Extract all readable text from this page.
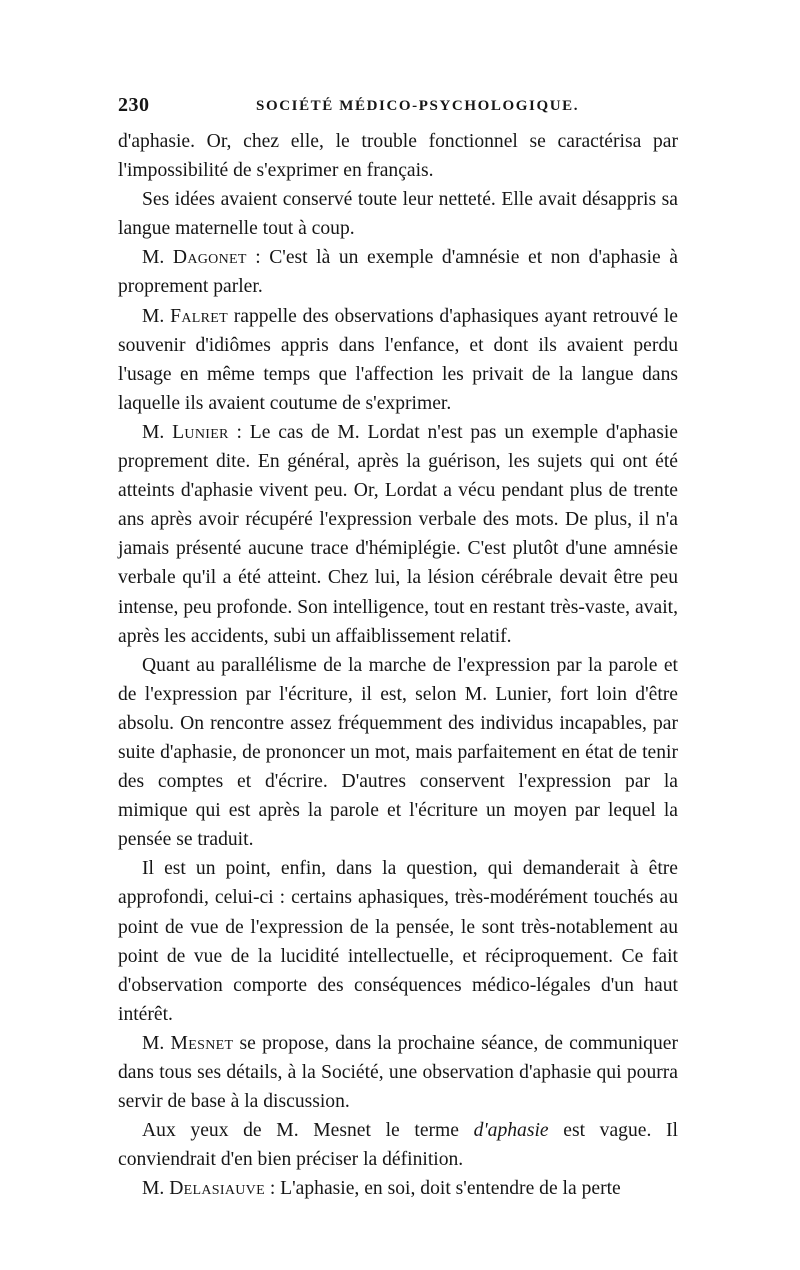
230	SOCIÉTÉ MÉDICO-PSYCHOLOGIQUE.

d'aphasie. Or, chez elle, le trouble fonctionnel se caractérisa par l'impossibilité de s'exprimer en français.

Ses idées avaient conservé toute leur netteté. Elle avait désappris sa langue maternelle tout à coup.

M. Dagonet : C'est là un exemple d'amnésie et non d'aphasie à proprement parler.

M. Falret rappelle des observations d'aphasiques ayant retrouvé le souvenir d'idiômes appris dans l'enfance, et dont ils avaient perdu l'usage en même temps que l'affection les privait de la langue dans laquelle ils avaient coutume de s'exprimer.

M. Lunier : Le cas de M. Lordat n'est pas un exemple d'aphasie proprement dite. En général, après la guérison, les sujets qui ont été atteints d'aphasie vivent peu. Or, Lordat a vécu pendant plus de trente ans après avoir récupéré l'expression verbale des mots. De plus, il n'a jamais présenté aucune trace d'hémiplégie. C'est plutôt d'une amnésie verbale qu'il a été atteint. Chez lui, la lésion cérébrale devait être peu intense, peu profonde. Son intelligence, tout en restant très-vaste, avait, après les accidents, subi un affaiblissement relatif.

Quant au parallélisme de la marche de l'expression par la parole et de l'expression par l'écriture, il est, selon M. Lunier, fort loin d'être absolu. On rencontre assez fréquemment des individus incapables, par suite d'aphasie, de prononcer un mot, mais parfaitement en état de tenir des comptes et d'écrire. D'autres conservent l'expression par la mimique qui est après la parole et l'écriture un moyen par lequel la pensée se traduit.

Il est un point, enfin, dans la question, qui demanderait à être approfondi, celui-ci : certains aphasiques, très-modérément touchés au point de vue de l'expression de la pensée, le sont très-notablement au point de vue de la lucidité intellectuelle, et réciproquement. Ce fait d'observation comporte des conséquences médico-légales d'un haut intérêt.

M. Mesnet se propose, dans la prochaine séance, de communiquer dans tous ses détails, à la Société, une observation d'aphasie qui pourra servir de base à la discussion.

Aux yeux de M. Mesnet le terme d'aphasie est vague. Il conviendrait d'en bien préciser la définition.

M. Delasiauve : L'aphasie, en soi, doit s'entendre de la perte
